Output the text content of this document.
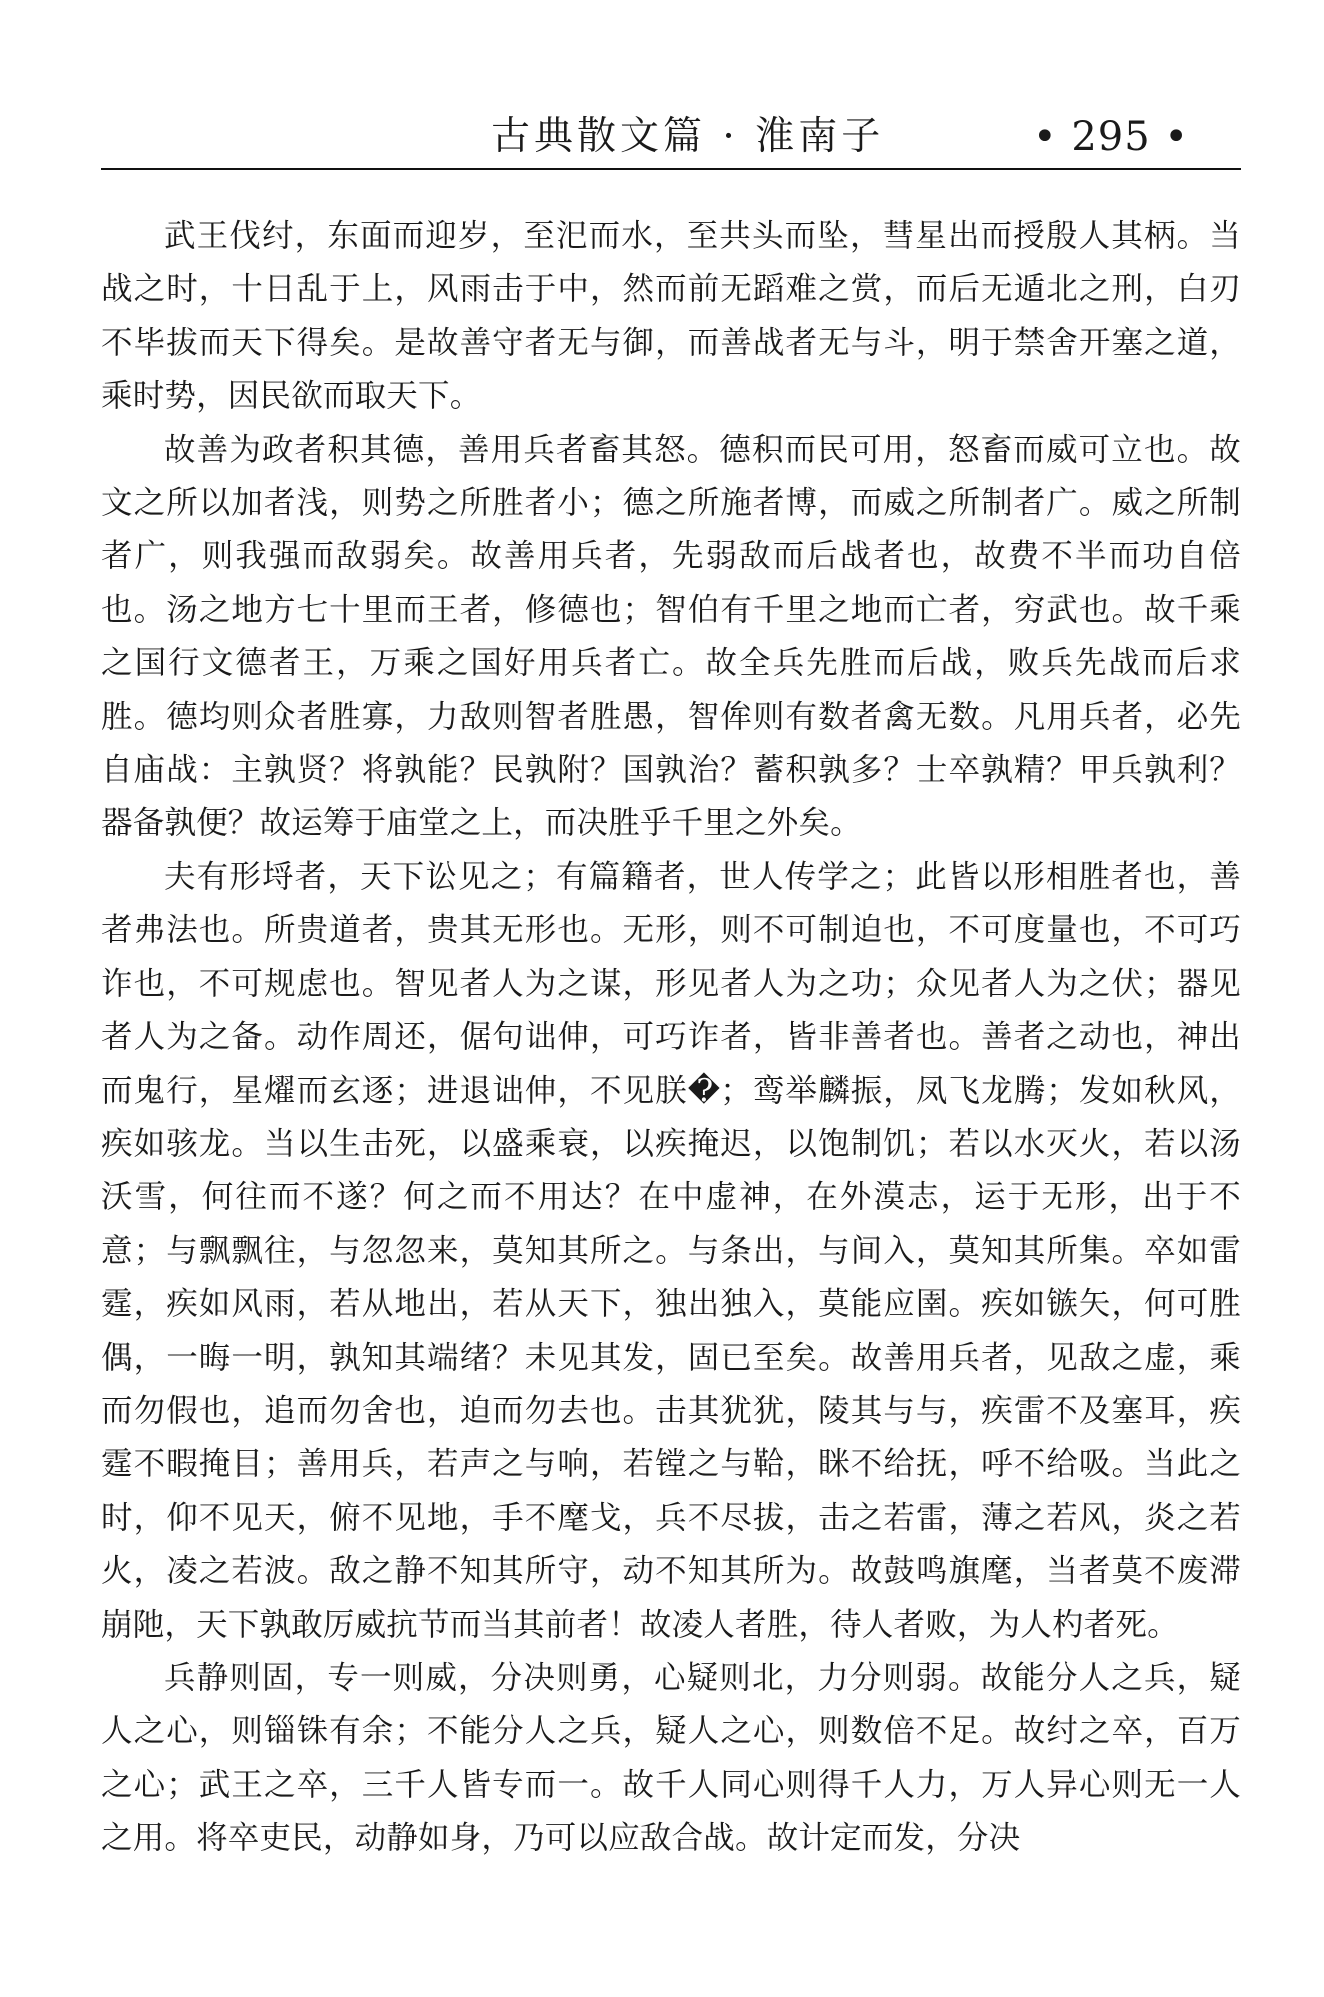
古典散文篇 · 淮南子	• 295 •

武王伐纣，东面而迎岁，至汜而水，至共头而坠，彗星出而授殷人其柄。当战之时，十日乱于上，风雨击于中，然而前无蹈难之赏，而后无遁北之刑，白刃不毕拔而天下得矣。是故善守者无与御，而善战者无与斗，明于禁舍开塞之道，乘时势，因民欲而取天下。

故善为政者积其德，善用兵者畜其怒。德积而民可用，怒畜而威可立也。故文之所以加者浅，则势之所胜者小；德之所施者博，而威之所制者广。威之所制者广，则我强而敌弱矣。故善用兵者，先弱敌而后战者也，故费不半而功自倍也。汤之地方七十里而王者，修德也；智伯有千里之地而亡者，穷武也。故千乘之国行文德者王，万乘之国好用兵者亡。故全兵先胜而后战，败兵先战而后求胜。德均则众者胜寡，力敌则智者胜愚，智侔则有数者禽无数。凡用兵者，必先自庙战：主孰贤？将孰能？民孰附？国孰治？蓄积孰多？士卒孰精？甲兵孰利？器备孰便？故运筹于庙堂之上，而决胜乎千里之外矣。

夫有形埒者，天下讼见之；有篇籍者，世人传学之；此皆以形相胜者也，善者弗法也。所贵道者，贵其无形也。无形，则不可制迫也，不可度量也，不可巧诈也，不可规虑也。智见者人为之谋，形见者人为之功；众见者人为之伏；器见者人为之备。动作周还，倨句诎伸，可巧诈者，皆非善者也。善者之动也，神出而鬼行，星燿而玄逐；进退诎伸，不见朕�；鸾举麟振，凤飞龙腾；发如秋风，疾如骇龙。当以生击死，以盛乘衰，以疾掩迟，以饱制饥；若以水灭火，若以汤沃雪，何往而不遂？何之而不用达？在中虚神，在外漠志，运于无形，出于不意；与飘飘往，与忽忽来，莫知其所之。与条出，与间入，莫知其所集。卒如雷霆，疾如风雨，若从地出，若从天下，独出独入，莫能应圉。疾如镞矢，何可胜偶，一晦一明，孰知其端绪？未见其发，固已至矣。故善用兵者，见敌之虚，乘而勿假也，追而勿舍也，迫而勿去也。击其犹犹，陵其与与，疾雷不及塞耳，疾霆不暇掩目；善用兵，若声之与响，若镗之与鞈，眯不给抚，呼不给吸。当此之时，仰不见天，俯不见地，手不麾戈，兵不尽拔，击之若雷，薄之若风，炎之若火，凌之若波。敌之静不知其所守，动不知其所为。故鼓鸣旗麾，当者莫不废滞崩阤，天下孰敢厉威抗节而当其前者！故凌人者胜，待人者败，为人杓者死。

兵静则固，专一则威，分决则勇，心疑则北，力分则弱。故能分人之兵，疑人之心，则锱铢有余；不能分人之兵，疑人之心，则数倍不足。故纣之卒，百万之心；武王之卒，三千人皆专而一。故千人同心则得千人力，万人异心则无一人之用。将卒吏民，动静如身，乃可以应敌合战。故计定而发，分决
